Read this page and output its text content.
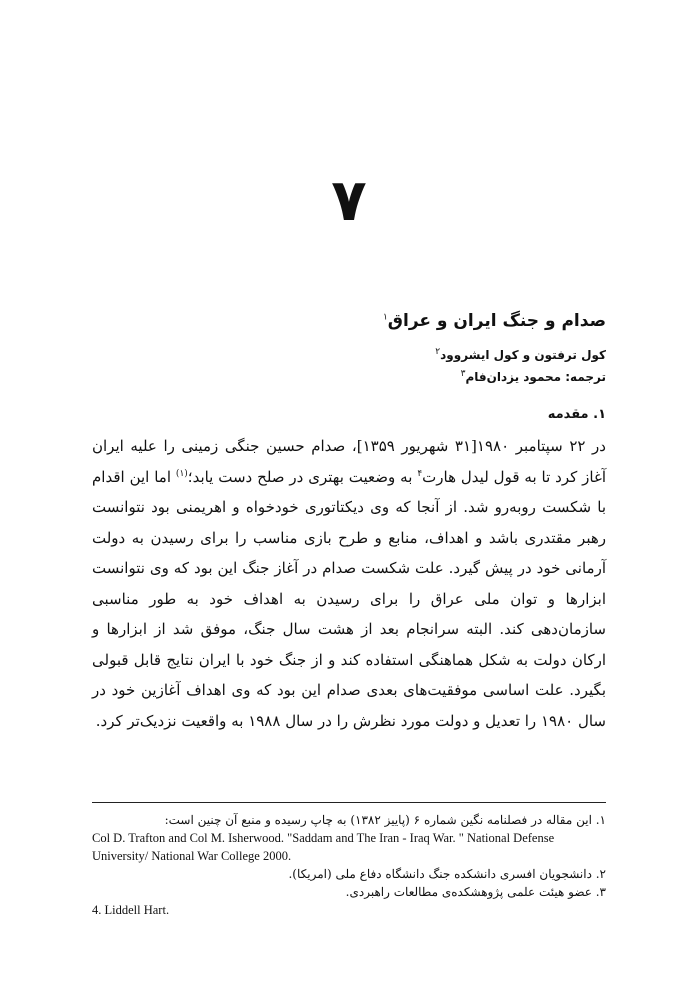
۷
صدام و جنگ ایران و عراق$^۱$
کول ترفتون و کول ایشروود$^۲$
ترجمه: محمود یزدان‌فام$^۳$
۱. مقدمه

در ۲۲ سپتامبر ۱۹۸۰[۳۱ شهریور ۱۳۵۹]، صدام حسین جنگی زمینی را علیه ایران آغاز کرد تا به قول لیدل هارت$^۴$ به وضعیت بهتری در صلح دست یابد؛$^{(۱)}$ اما این اقدام با شکست روبه‌رو شد. از آنجا که وی دیکتاتوری خودخواه و اهریمنی بود نتوانست رهبر مقتدری باشد و اهداف، منابع و طرح بازی مناسب را برای رسیدن به دولت آرمانی خود در پیش گیرد. علت شکست صدام در آغاز جنگ این بود که وی نتوانست ابزارها و توان ملی عراق را برای رسیدن به اهداف خود به طور مناسبی سازمان‌دهی کند. البته سرانجام بعد از هشت سال جنگ، موفق شد از ابزارها و ارکان دولت به شکل هماهنگی استفاده کند و از جنگ خود با ایران نتایج قابل قبولی بگیرد. علت اساسی موفقیت‌های بعدی صدام این بود که وی اهداف آغازین خود در سال ۱۹۸۰ را تعدیل و دولت مورد نظرش را در سال ۱۹۸۸ به واقعیت نزدیک‌تر کرد.

۱. این مقاله در فصلنامه نگین شماره ۶ (پاییز ۱۳۸۲) به چاپ رسیده و منبع آن چنین است:
Col D. Trafton and Col M. Isherwood. "Saddam and The Iran - Iraq War. " National Defense
University/ National War College 2000.
۲. دانشجویان افسری دانشکده جنگ دانشگاه دفاع ملی (امریکا).
۳. عضو هیئت علمی پژوهشکده‌ی مطالعات راهبردی.
4. Liddell Hart.
